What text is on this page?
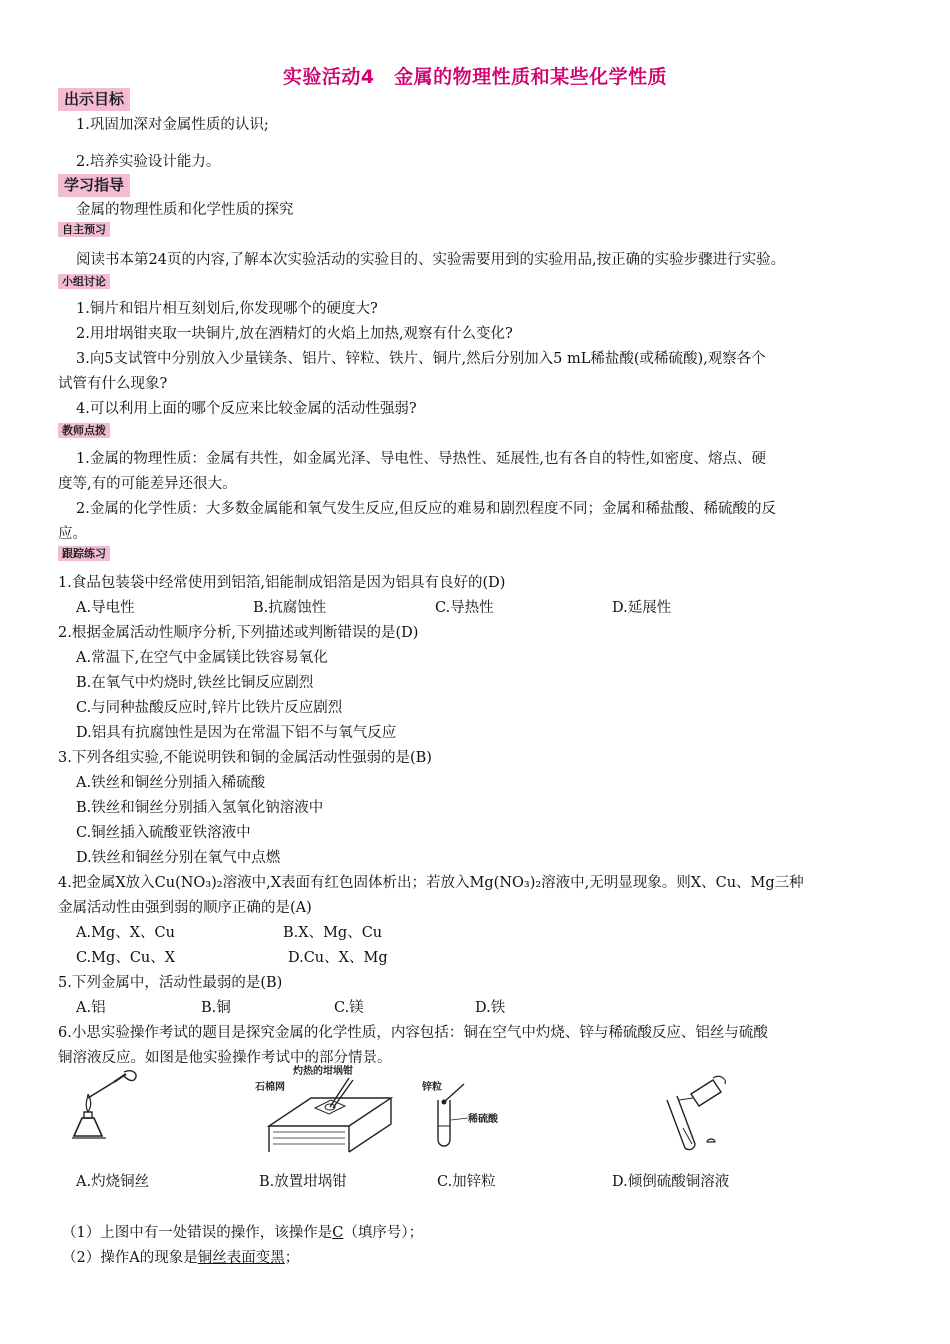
实验活动4　金属的物理性质和某些化学性质
出示目标
1.巩固加深对金属性质的认识;
2.培养实验设计能力。
学习指导
金属的物理性质和化学性质的探究
自主预习
阅读书本第24页的内容,了解本次实验活动的实验目的、实验需要用到的实验用品,按正确的实验步骤进行实验。
小组讨论
1.铜片和铝片相互刻划后,你发现哪个的硬度大?
2.用坩埚钳夹取一块铜片,放在酒精灯的火焰上加热,观察有什么变化?
3.向5支试管中分别放入少量镁条、铝片、锌粒、铁片、铜片,然后分别加入5 mL稀盐酸(或稀硫酸),观察各个
试管有什么现象?
4.可以利用上面的哪个反应来比较金属的活动性强弱?
教师点拨
1.金属的物理性质：金属有共性，如金属光泽、导电性、导热性、延展性,也有各自的特性,如密度、熔点、硬
度等,有的可能差异还很大。
2.金属的化学性质：大多数金属能和氧气发生反应,但反应的难易和剧烈程度不同；金属和稀盐酸、稀硫酸的反
应。
跟踪练习
1.食品包装袋中经常使用到铝箔,铝能制成铝箔是因为铝具有良好的(D)
A.导电性	B.抗腐蚀性	C.导热性	D.延展性
2.根据金属活动性顺序分析,下列描述或判断错误的是(D)
A.常温下,在空气中金属镁比铁容易氧化
B.在氧气中灼烧时,铁丝比铜反应剧烈
C.与同种盐酸反应时,锌片比铁片反应剧烈
D.铝具有抗腐蚀性是因为在常温下铝不与氧气反应
3.下列各组实验,不能说明铁和铜的金属活动性强弱的是(B)
A.铁丝和铜丝分别插入稀硫酸
B.铁丝和铜丝分别插入氢氧化钠溶液中
C.铜丝插入硫酸亚铁溶液中
D.铁丝和铜丝分别在氧气中点燃
4.把金属X放入Cu(NO₃)₂溶液中,X表面有红色固体析出；若放入Mg(NO₃)₂溶液中,无明显现象。则X、Cu、Mg三种
金属活动性由强到弱的顺序正确的是(A)
A.Mg、X、Cu	B.X、Mg、Cu
C.Mg、Cu、X	D.Cu、X、Mg
5.下列金属中，活动性最弱的是(B)
A.铝	B.铜	C.镁	D.铁
6.小思实验操作考试的题目是探究金属的化学性质，内容包括：铜在空气中灼烧、锌与稀硫酸反应、铝丝与硫酸
铜溶液反应。如图是他实验操作考试中的部分情景。
灼热的坩埚钳
石棉网	锌粒
稀硫酸
A.灼烧铜丝	B.放置坩埚钳	C.加锌粒	D.倾倒硫酸铜溶液
（1）上图中有一处错误的操作，该操作是C（填序号）；
（2）操作A的现象是铜丝表面变黑；
